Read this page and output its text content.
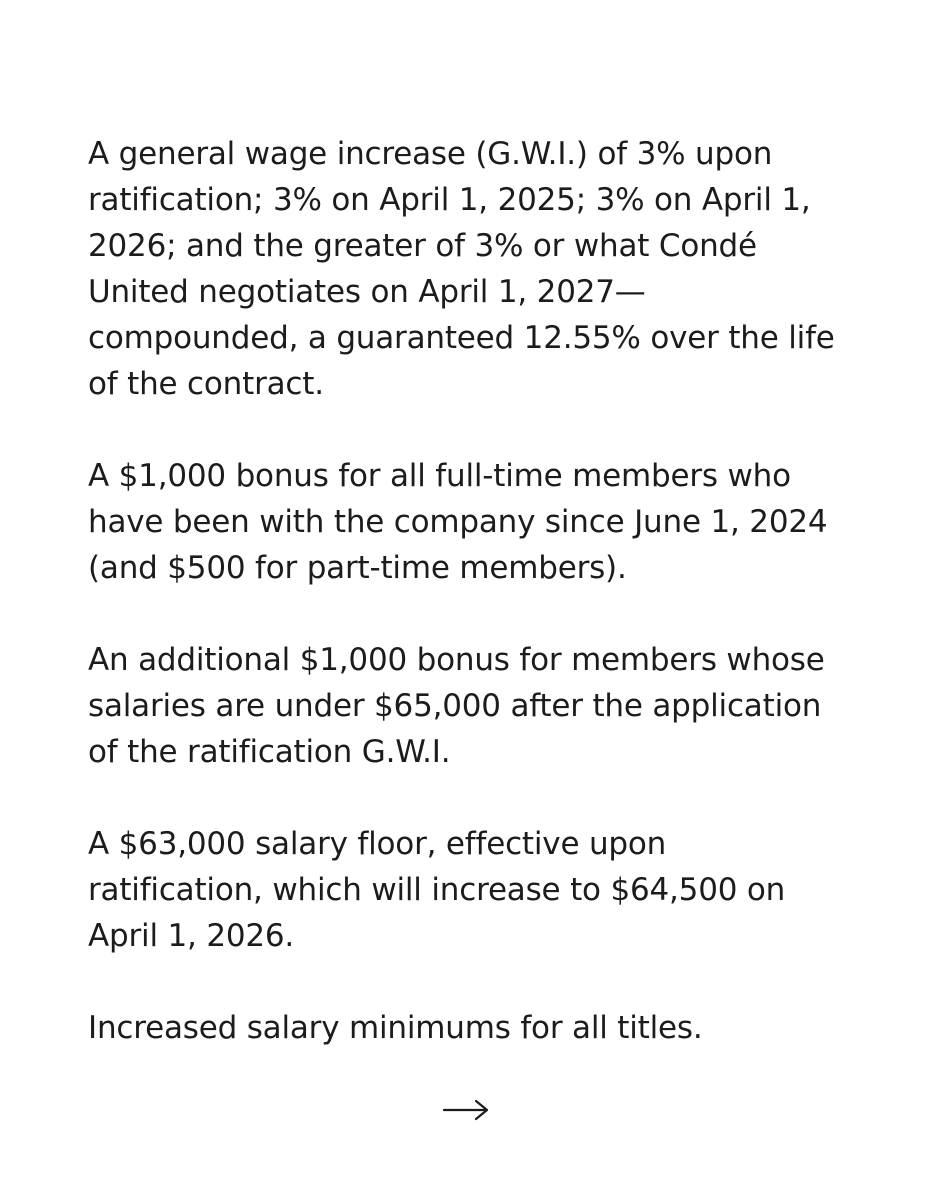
A general wage increase (G.W.I.) of 3% upon
ratification; 3% on April 1, 2025; 3% on April 1,
2026; and the greater of 3% or what Condé
United negotiates on April 1, 2027—
compounded, a guaranteed 12.55% over the life
of the contract.
A $1,000 bonus for all full-time members who
have been with the company since June 1, 2024
(and $500 for part-time members).
An additional $1,000 bonus for members whose
salaries are under $65,000 after the application
of the ratification G.W.I.
A $63,000 salary floor, effective upon
ratification, which will increase to $64,500 on
April 1, 2026.
Increased salary minimums for all titles.
